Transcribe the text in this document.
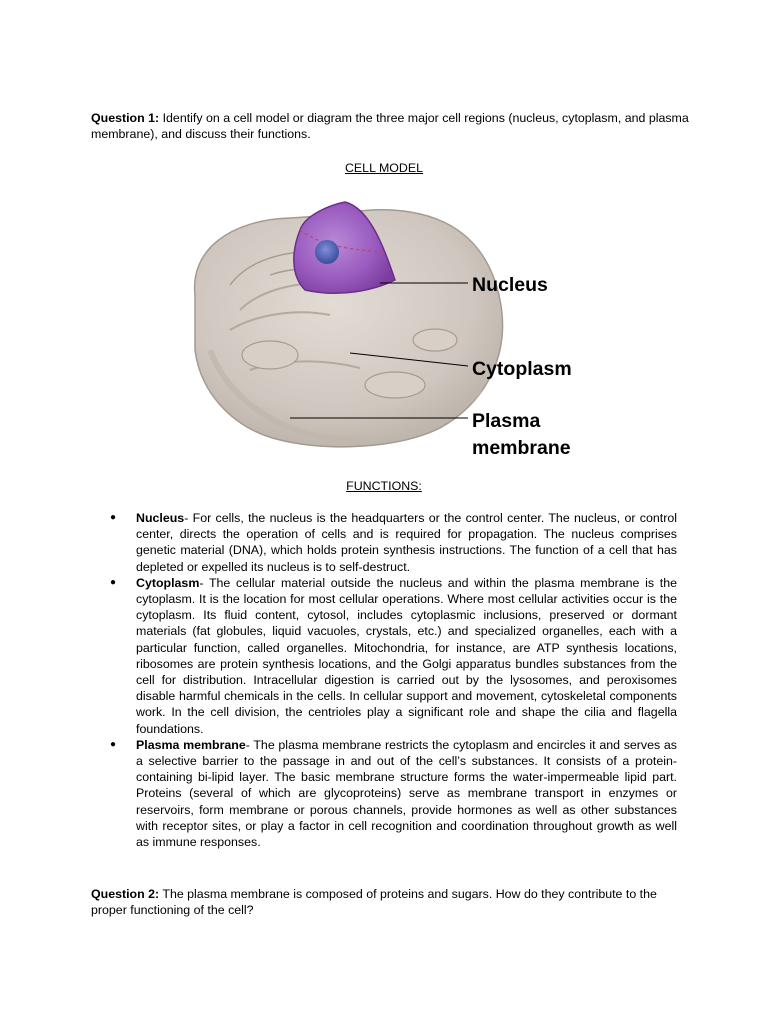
Question 1: Identify on a cell model or diagram the three major cell regions (nucleus, cytoplasm, and plasma membrane), and discuss their functions.
CELL MODEL
Nucleus
Cytoplasm
Plasma
membrane
FUNCTIONS:
● Nucleus- For cells, the nucleus is the headquarters or the control center. The nucleus, or control center, directs the operation of cells and is required for propagation. The nucleus comprises genetic material (DNA), which holds protein synthesis instructions. The function of a cell that has depleted or expelled its nucleus is to self-destruct.
● Cytoplasm- The cellular material outside the nucleus and within the plasma membrane is the cytoplasm. It is the location for most cellular operations. Where most cellular activities occur is the cytoplasm. Its fluid content, cytosol, includes cytoplasmic inclusions, preserved or dormant materials (fat globules, liquid vacuoles, crystals, etc.) and specialized organelles, each with a particular function, called organelles. Mitochondria, for instance, are ATP synthesis locations, ribosomes are protein synthesis locations, and the Golgi apparatus bundles substances from the cell for distribution. Intracellular digestion is carried out by the lysosomes, and peroxisomes disable harmful chemicals in the cells. In cellular support and movement, cytoskeletal components work. In the cell division, the centrioles play a significant role and shape the cilia and flagella foundations.
● Plasma membrane- The plasma membrane restricts the cytoplasm and encircles it and serves as a selective barrier to the passage in and out of the cell’s substances. It consists of a protein-containing bi-lipid layer. The basic membrane structure forms the water-impermeable lipid part. Proteins (several of which are glycoproteins) serve as membrane transport in enzymes or reservoirs, form membrane or porous channels, provide hormones as well as other substances with receptor sites, or play a factor in cell recognition and coordination throughout growth as well as immune responses.
Question 2: The plasma membrane is composed of proteins and sugars. How do they contribute to the proper functioning of the cell?
